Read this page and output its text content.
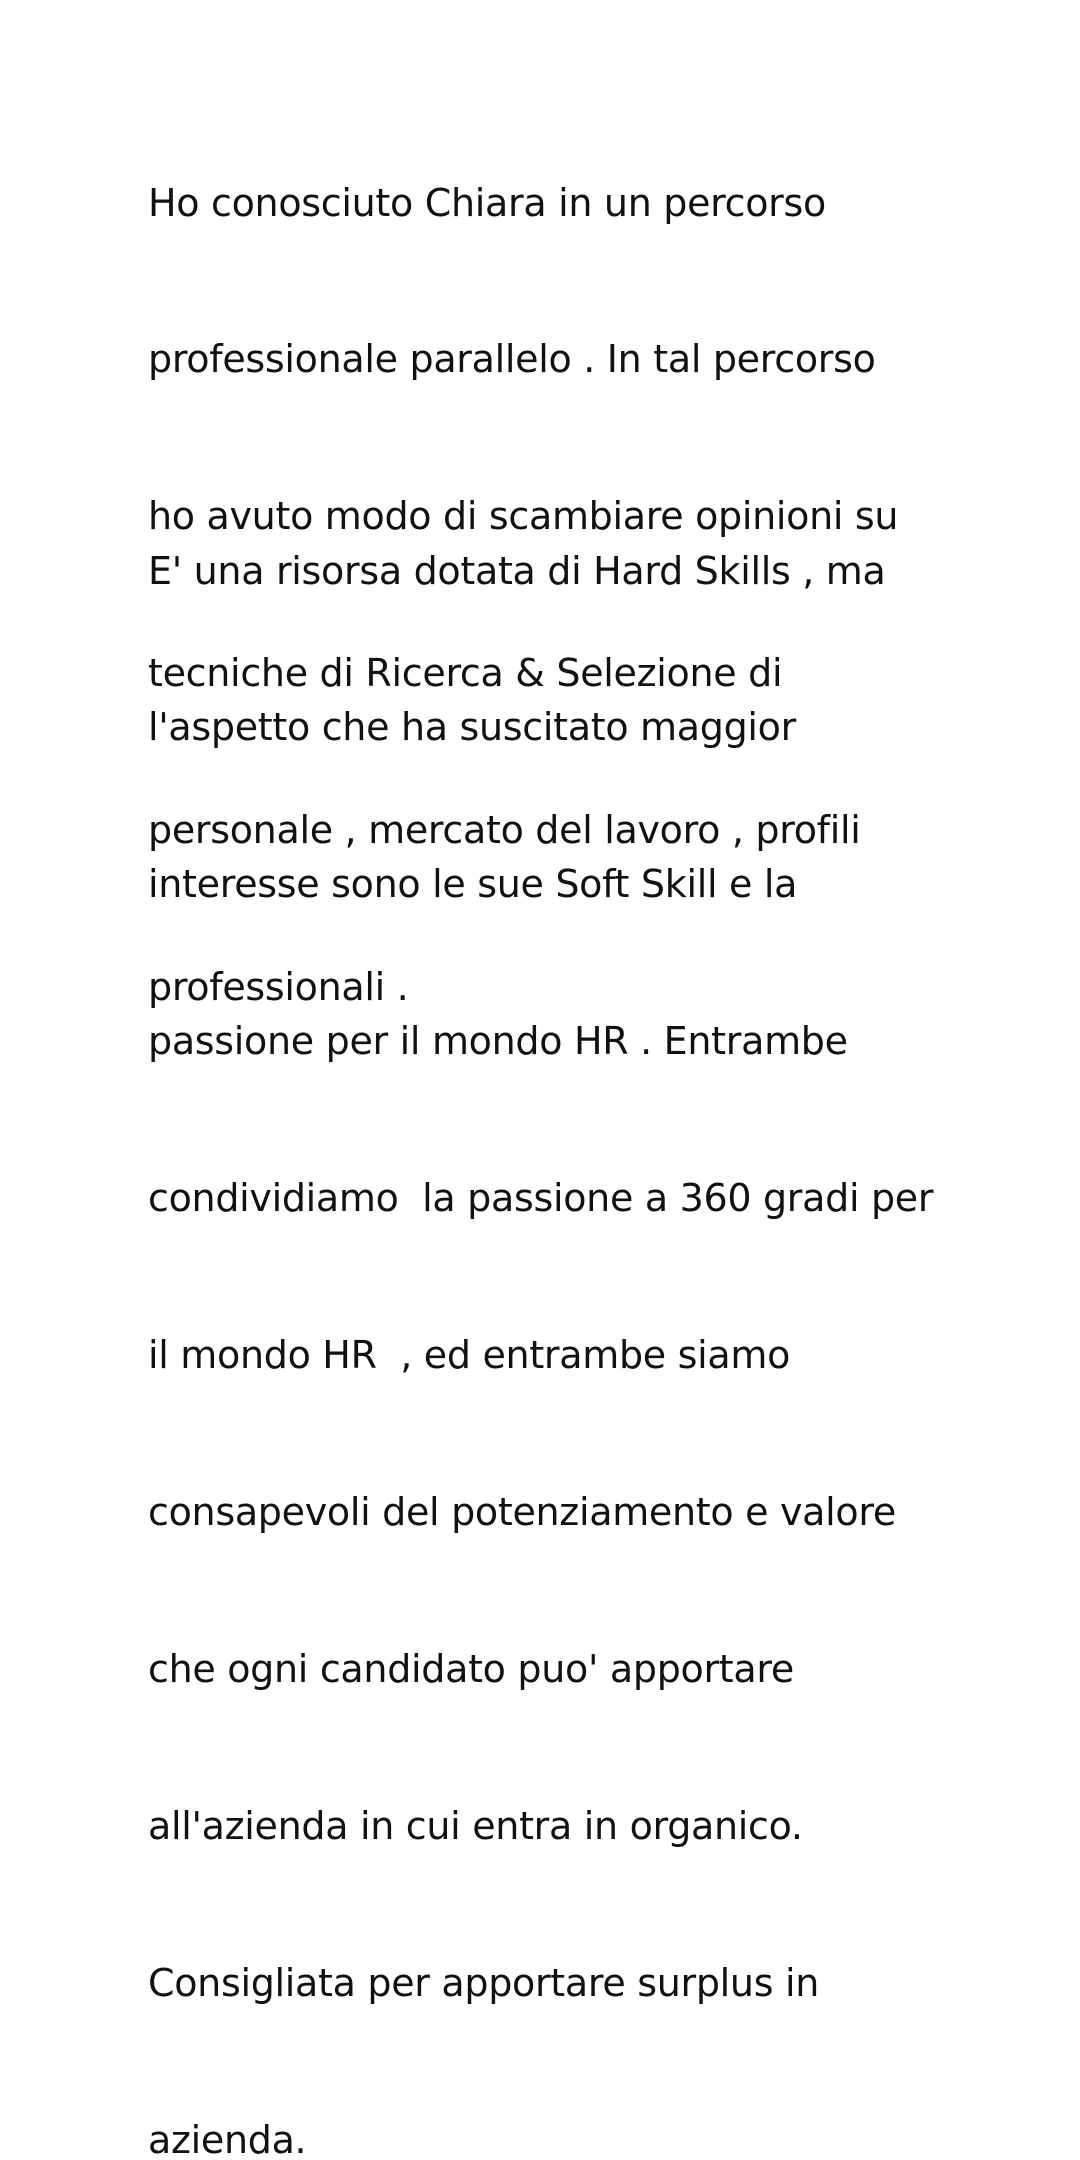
Ho conosciuto Chiara in un percorso

professionale parallelo . In tal percorso

ho avuto modo di scambiare opinioni su

tecniche di Ricerca & Selezione di

personale , mercato del lavoro , profili

professionali .

E' una risorsa dotata di Hard Skills , ma

l'aspetto che ha suscitato maggior

interesse sono le sue Soft Skill e la

passione per il mondo HR . Entrambe

condividiamo  la passione a 360 gradi per

il mondo HR  , ed entrambe siamo

consapevoli del potenziamento e valore

che ogni candidato puo' apportare

all'azienda in cui entra in organico.

Consigliata per apportare surplus in

azienda.
